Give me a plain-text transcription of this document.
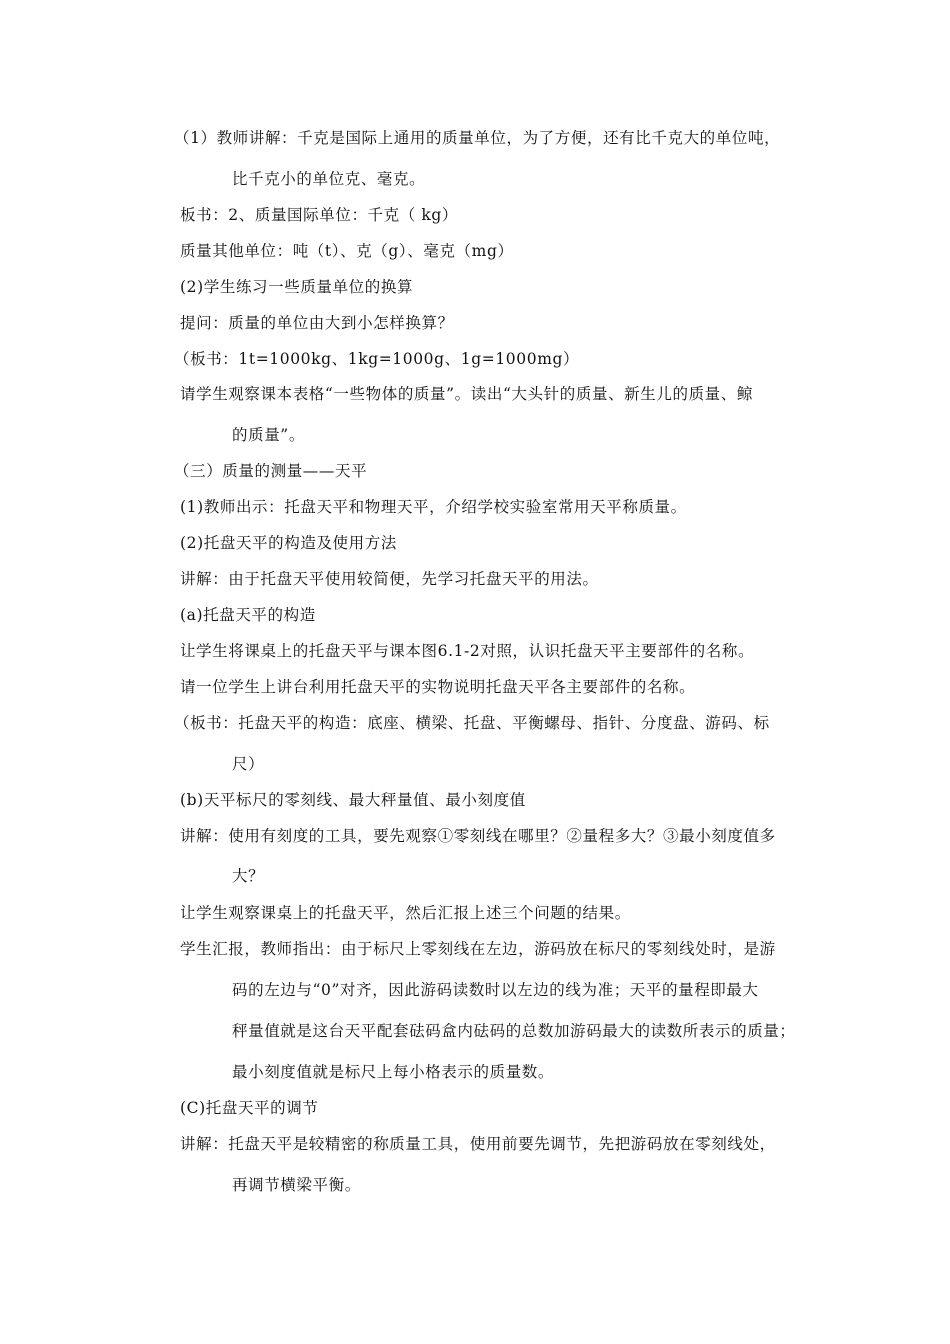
（1）教师讲解：千克是国际上通用的质量单位，为了方便，还有比千克大的单位吨，
比千克小的单位克、毫克。
板书：2、质量国际单位：千克（ kg）
质量其他单位：吨（t）、克（g）、毫克（mg）
(2)学生练习一些质量单位的换算
提问：质量的单位由大到小怎样换算？
（板书：1t=1000kg、1kg=1000g、1g=1000mg）
请学生观察课本表格“一些物体的质量”。读出“大头针的质量、新生儿的质量、鲸
的质量”。
（三）质量的测量——天平
(1)教师出示：托盘天平和物理天平，介绍学校实验室常用天平称质量。
(2)托盘天平的构造及使用方法
讲解：由于托盘天平使用较简便，先学习托盘天平的用法。
(a)托盘天平的构造
让学生将课桌上的托盘天平与课本图6.1-2对照，认识托盘天平主要部件的名称。
请一位学生上讲台利用托盘天平的实物说明托盘天平各主要部件的名称。
（板书：托盘天平的构造：底座、横梁、托盘、平衡螺母、指针、分度盘、游码、标
尺）
(b)天平标尺的零刻线、最大秤量值、最小刻度值
讲解：使用有刻度的工具，要先观察①零刻线在哪里？②量程多大？③最小刻度值多
大？
让学生观察课桌上的托盘天平，然后汇报上述三个问题的结果。
学生汇报，教师指出：由于标尺上零刻线在左边，游码放在标尺的零刻线处时，是游
码的左边与“0”对齐，因此游码读数时以左边的线为准；天平的量程即最大
秤量值就是这台天平配套砝码盒内砝码的总数加游码最大的读数所表示的质量；
最小刻度值就是标尺上每小格表示的质量数。
(C)托盘天平的调节
讲解：托盘天平是较精密的称质量工具，使用前要先调节，先把游码放在零刻线处，
再调节横梁平衡。
